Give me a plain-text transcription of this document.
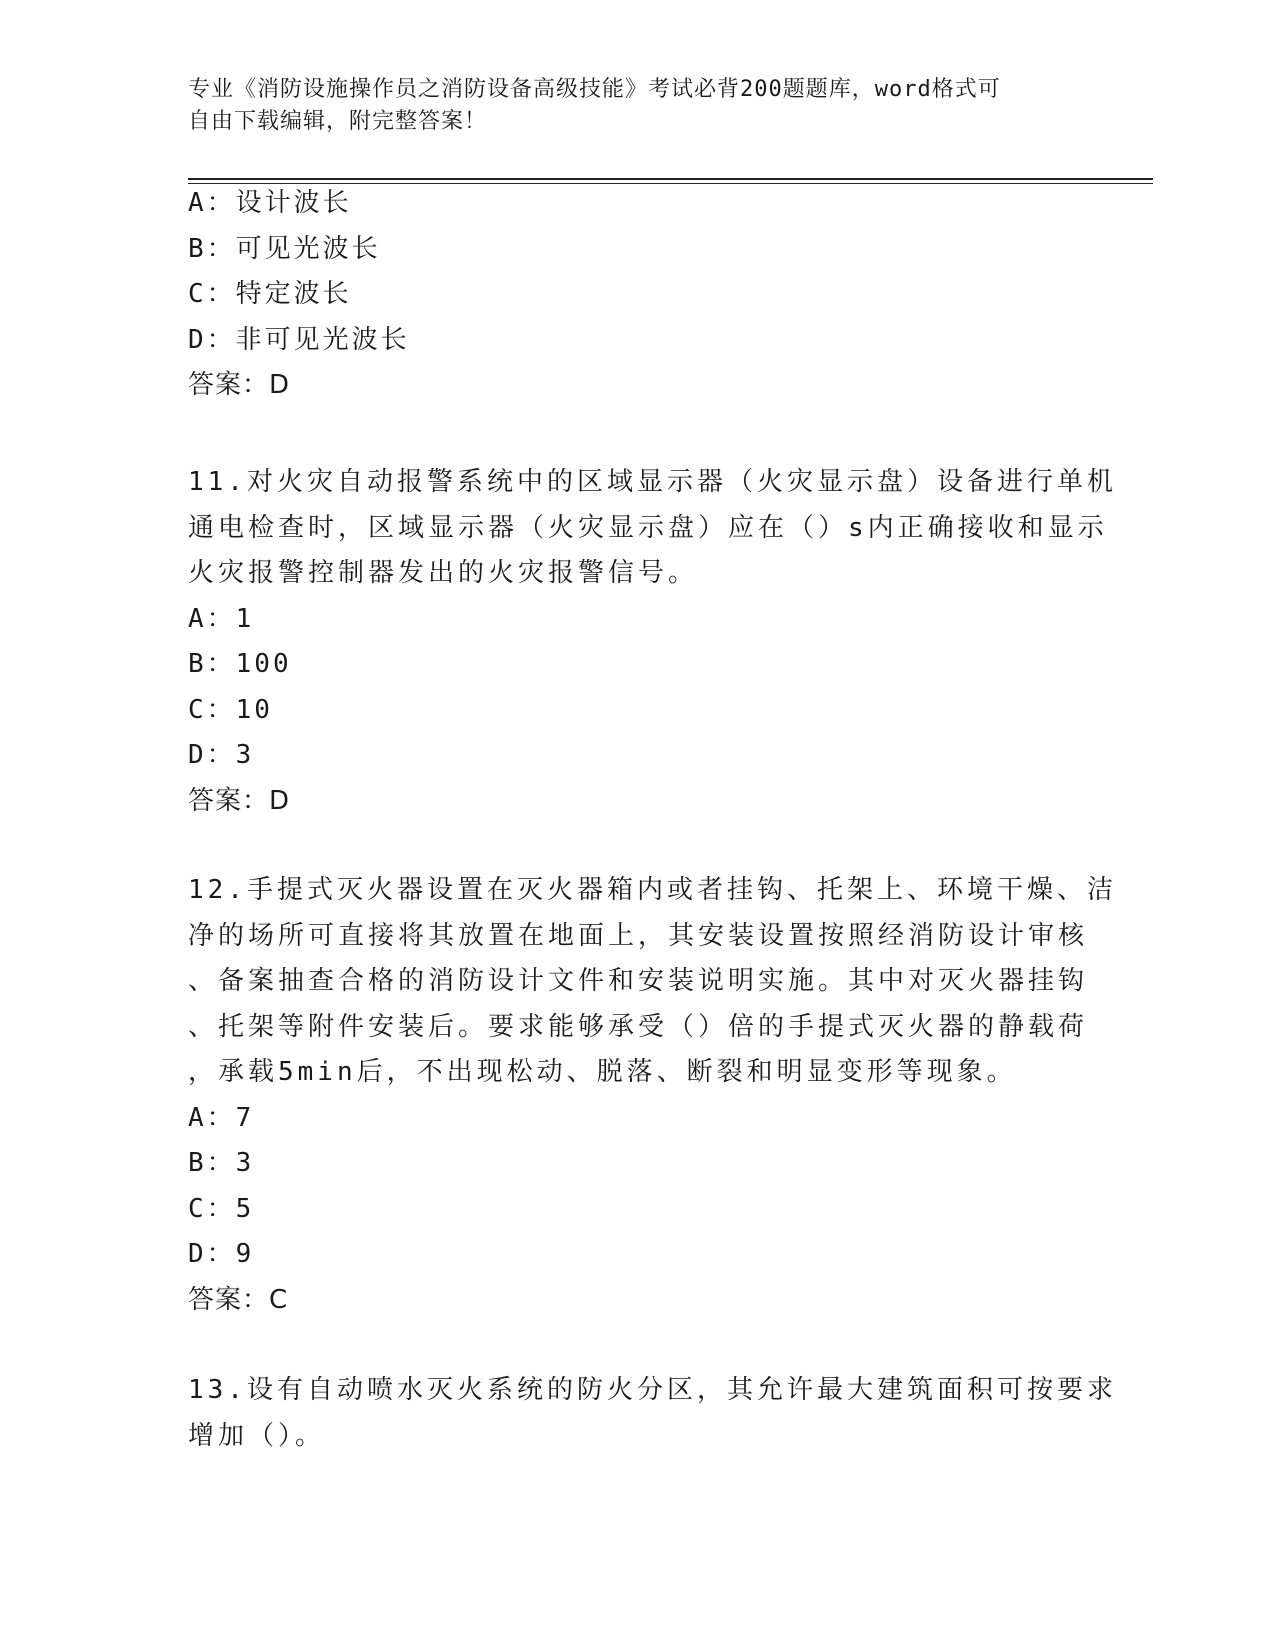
专业《消防设施操作员之消防设备高级技能》考试必背200题题库，word格式可
自由下载编辑，附完整答案！
A：设计波长
B：可见光波长
C：特定波长
D：非可见光波长
答案：D
11.对火灾自动报警系统中的区域显示器（火灾显示盘）设备进行单机
通电检查时，区域显示器（火灾显示盘）应在（）s内正确接收和显示
火灾报警控制器发出的火灾报警信号。
A：1
B：100
C：10
D：3
答案：D
12.手提式灭火器设置在灭火器箱内或者挂钩、托架上、环境干燥、洁
净的场所可直接将其放置在地面上，其安装设置按照经消防设计审核
、备案抽查合格的消防设计文件和安装说明实施。其中对灭火器挂钩
、托架等附件安装后。要求能够承受（）倍的手提式灭火器的静载荷
，承载5min后，不出现松动、脱落、断裂和明显变形等现象。
A：7
B：3
C：5
D：9
答案：C
13.设有自动喷水灭火系统的防火分区，其允许最大建筑面积可按要求
增加（）。
